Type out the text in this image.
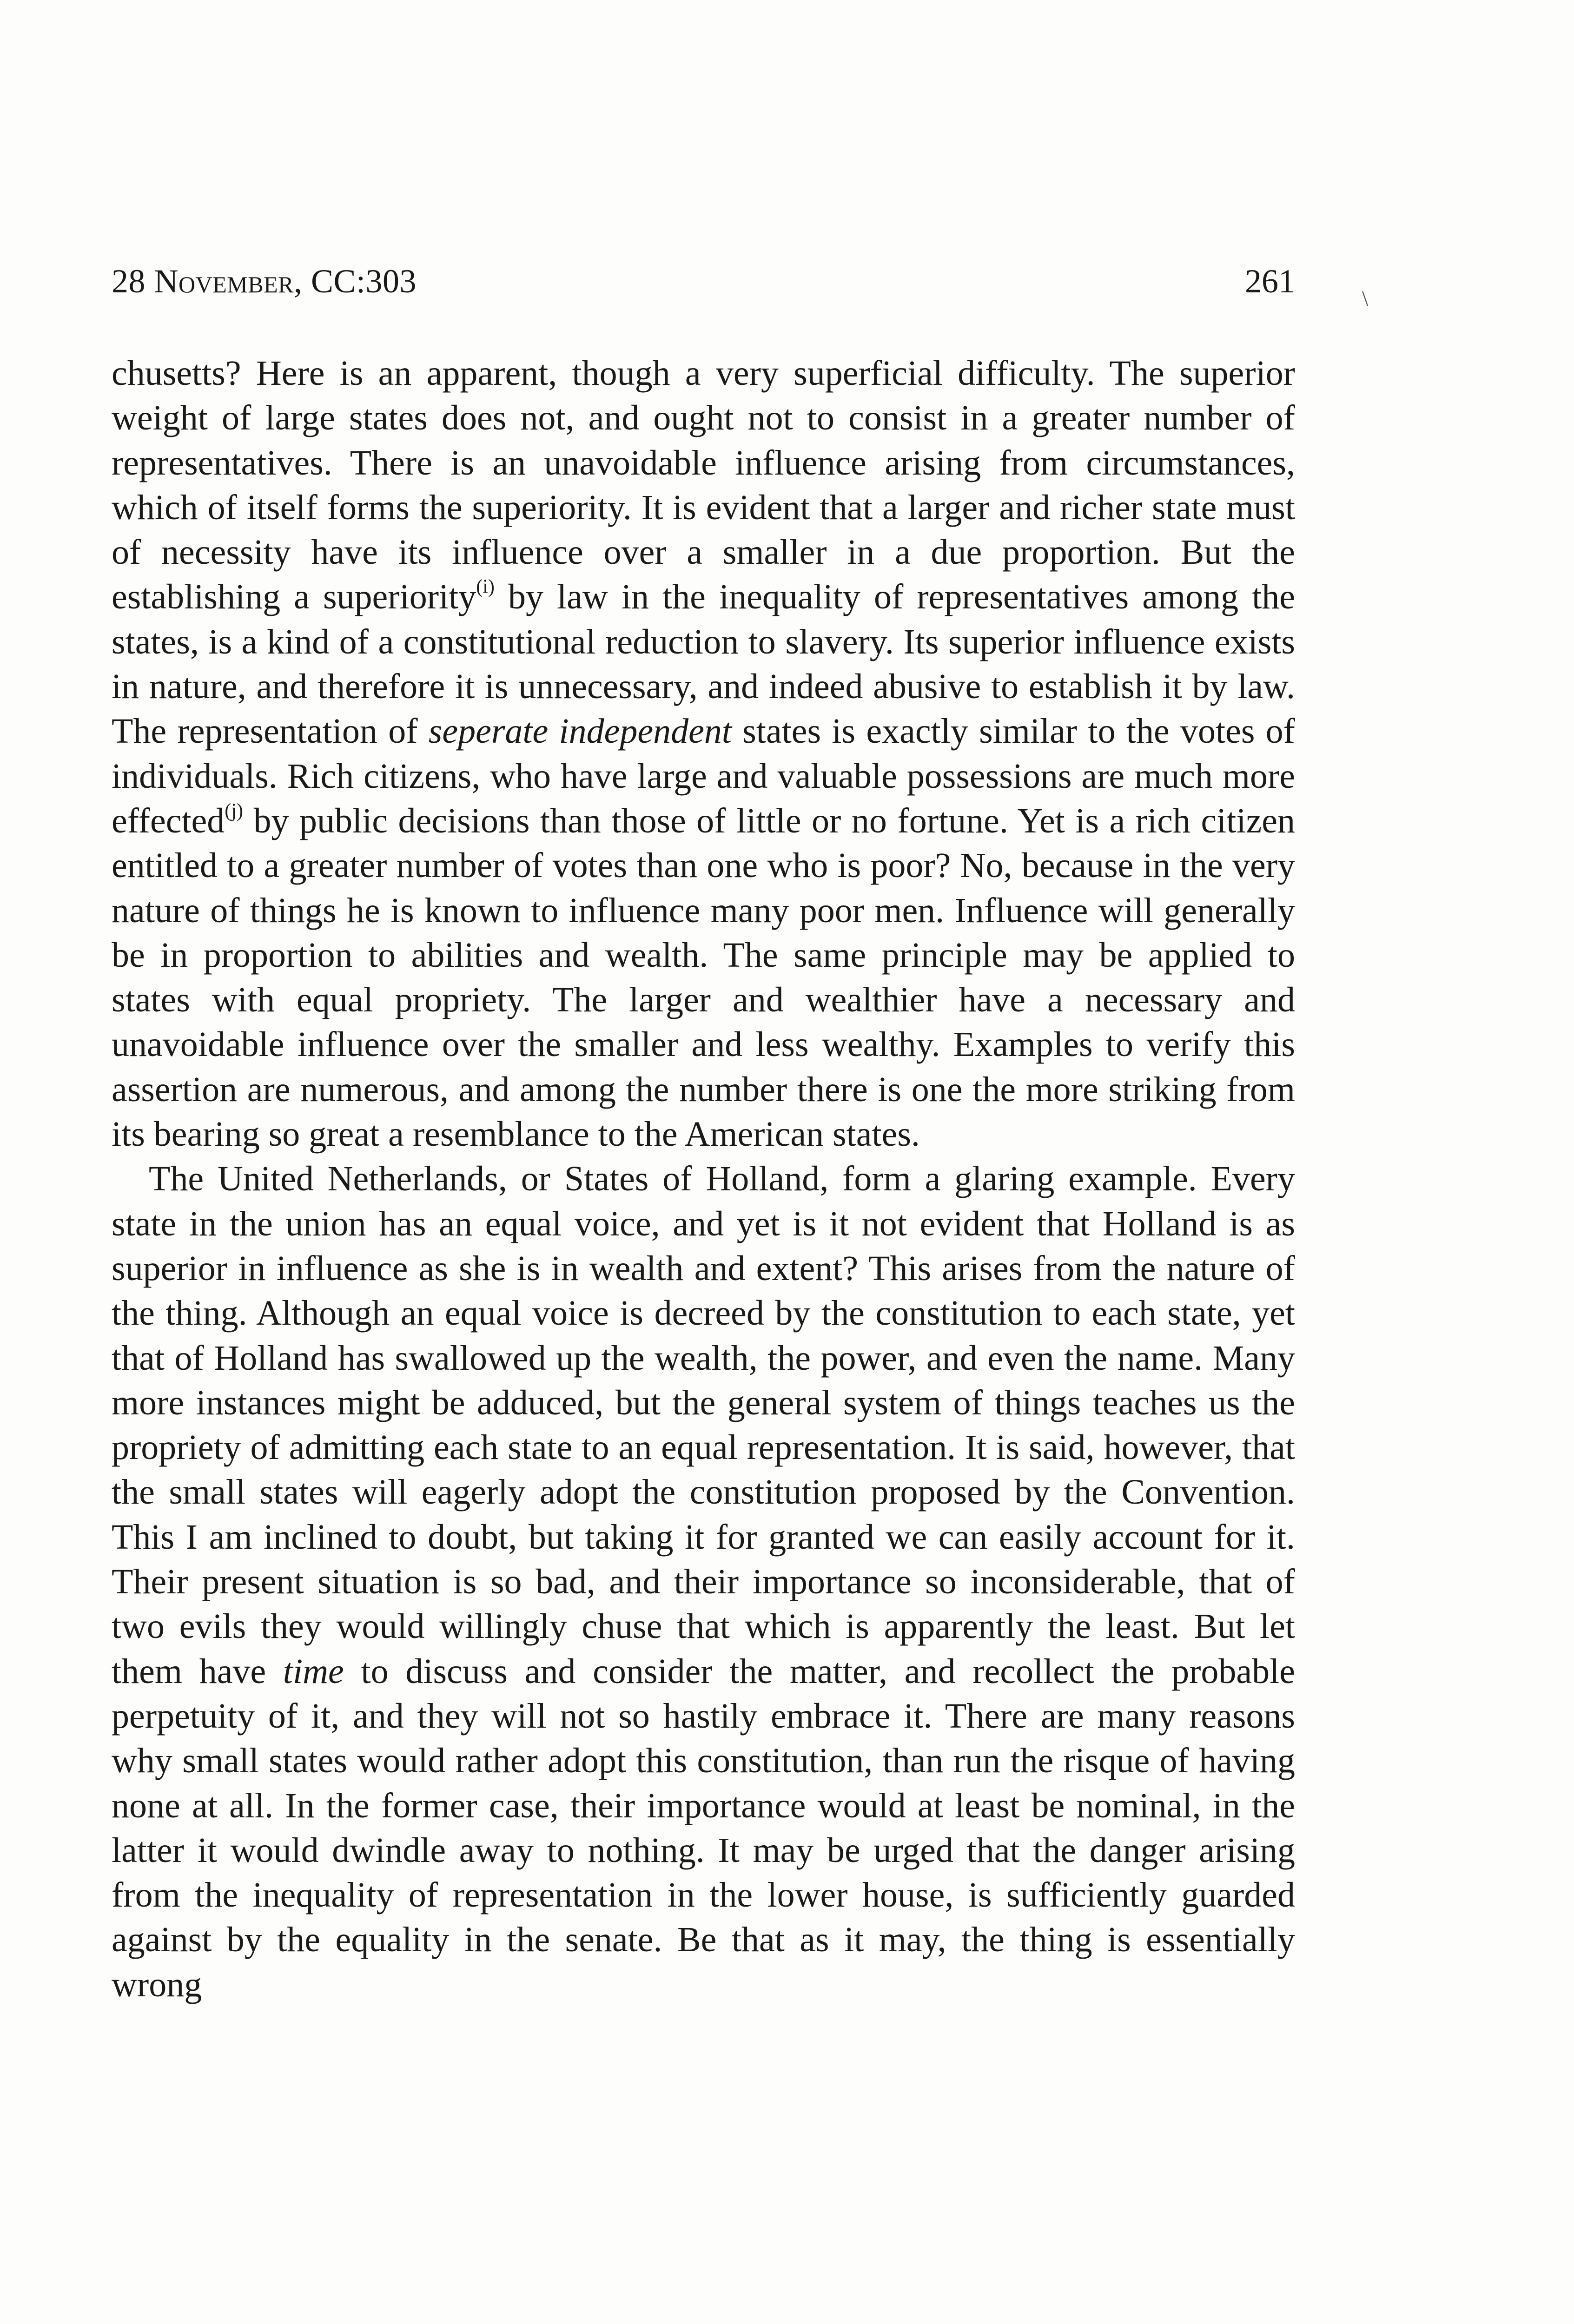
28 November, CC:303	261	\

chusetts? Here is an apparent, though a very superficial difficulty. The superior weight of large states does not, and ought not to consist in a greater number of representatives. There is an unavoidable influence arising from circumstances, which of itself forms the superiority. It is evident that a larger and richer state must of necessity have its influence over a smaller in a due proportion. But the establishing a superiority$^{(i)}$ by law in the inequality of representatives among the states, is a kind of a constitutional reduction to slavery. Its superior influence exists in nature, and therefore it is unnecessary, and indeed abusive to establish it by law. The representation of seperate independent states is exactly similar to the votes of individuals. Rich citizens, who have large and valuable possessions are much more effected$^{(j)}$ by public decisions than those of little or no fortune. Yet is a rich citizen entitled to a greater number of votes than one who is poor? No, because in the very nature of things he is known to influence many poor men. Influence will generally be in proportion to abilities and wealth. The same principle may be applied to states with equal propriety. The larger and wealthier have a necessary and unavoidable influence over the smaller and less wealthy. Examples to verify this assertion are numerous, and among the number there is one the more striking from its bearing so great a resemblance to the American states.

The United Netherlands, or States of Holland, form a glaring example. Every state in the union has an equal voice, and yet is it not evident that Holland is as superior in influence as she is in wealth and extent? This arises from the nature of the thing. Although an equal voice is decreed by the constitution to each state, yet that of Holland has swallowed up the wealth, the power, and even the name. Many more instances might be adduced, but the general system of things teaches us the propriety of admitting each state to an equal representation. It is said, however, that the small states will eagerly adopt the constitution proposed by the Convention. This I am inclined to doubt, but taking it for granted we can easily account for it. Their present situation is so bad, and their importance so inconsiderable, that of two evils they would willingly chuse that which is apparently the least. But let them have time to discuss and consider the matter, and recollect the probable perpetuity of it, and they will not so hastily embrace it. There are many reasons why small states would rather adopt this constitution, than run the risque of having none at all. In the former case, their importance would at least be nominal, in the latter it would dwindle away to nothing. It may be urged that the danger arising from the inequality of representation in the lower house, is sufficiently guarded against by the equality in the senate. Be that as it may, the thing is essentially wrong
